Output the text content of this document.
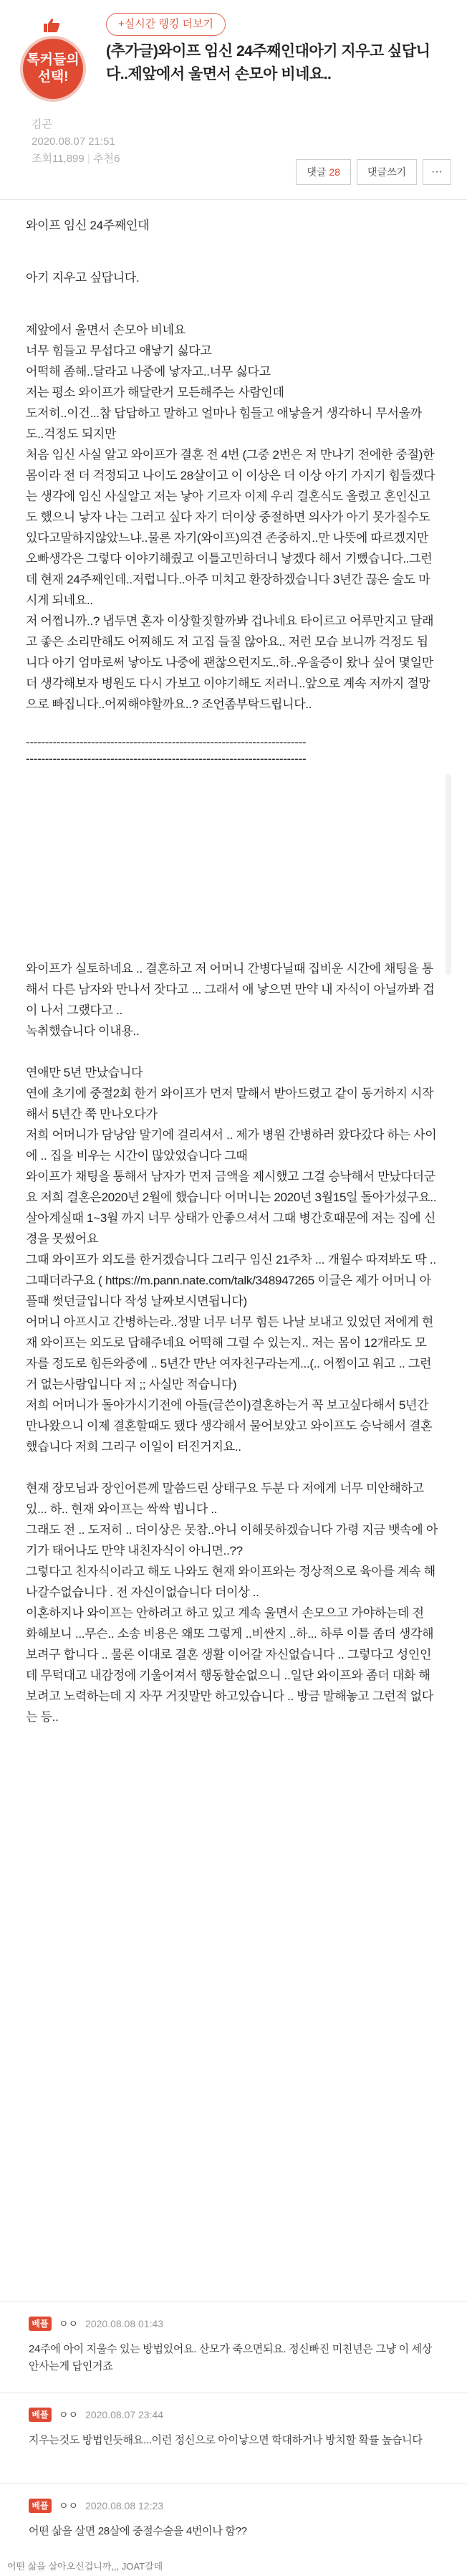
톡커들의 선택!
+실시간 랭킹 더보기
(추가글)와이프 임신 24주째인대아기 지우고 싶답니다..제앞에서 울면서 손모아 비네요..
김곤
2020.08.07 21:51
조회11,899 | 추천6
댓글 28	댓글쓰기	···

와이프 임신 24주째인대

아기 지우고 싶답니다.

제앞에서 울면서 손모아 비네요

너무 힘들고 무섭다고 애낳기 싫다고

어떡해 좀해..달라고 나중에 낳자고..너무 싫다고

저는 평소 와이프가 해달란거 모든해주는 사람인데

도저히..이건...참 답답하고 말하고 얼마나 힘들고 애낳을거 생각하니 무서울까도..걱정도 되지만

처음 임신 사실 알고 와이프가 결혼 전 4번 (그중 2번은 저 만나기 전에한 중절)한 몸이라 전 더 걱정되고 나이도 28살이고 이 이상은 더 이상 아기 가지기 힘들겠다는 생각에 임신 사실알고 저는 낳아 기르자 이제 우리 결혼식도 올렸고 혼인신고도 했으니 낳자 나는 그러고 싶다 자기 더이상 중절하면 의사가 아기 못가질수도있다고말하지않았느냐..물론 자기(와이프)의견 존중하지..만 나뜻에 따르겠지만 오빠생각은 그렇다 이야기해줬고 이틀고민하더니 낳겠다 해서 기뻤습니다..그런데 현재 24주째인데..저럽니다..아주 미치고 환장하겠습니다 3년간 끊은 술도 마시게 되네요..

저 어쩝니까..? 냅두면 혼자 이상할짓할까봐 겁나네요 타이르고 어루만지고 달래고 좋은 소리만해도 어찌해도 저 고집 들질 않아요.. 저런 모습 보니까 걱정도 됩니다 아기 엄마로써 낳아도 나중에 괜찮으런지도..하..우울증이 왔나 싶어 몇일만 더 생각해보자 병원도 다시 가보고 이야기해도 저러니..앞으로 계속 저까지 절망으로 빠집니다..어찌해야할까요..? 조언좀부탁드립니다..

-------------------------------------------------------------------------
-------------------------------------------------------------------------

와이프가 실토하네요 .. 결혼하고 저 어머니 간병다닐때 집비운 시간에 채팅을 통해서 다른 남자와 만나서 잣다고 ... 그래서 애 낳으면 만약 내 자식이 아닐까봐 겁이 나서 그랬다고 ..

녹취했습니다 이내용..

연애만 5년 만났습니다

연애 초기에 중절2회 한거 와이프가 먼저 말해서 받아드렸고 같이 동거하지 시작해서 5년간 쭉 만나오다가

저희 어머니가 담낭암 말기에 걸리셔서 .. 제가 병원 간병하러 왔다갔다 하는 사이에 .. 집을 비우는 시간이 많았었습니다 그때

와이프가 채팅을 통해서 남자가 먼저 금액을 제시했고 그걸 승낙해서 만났다더군요 저희 결혼은2020년 2월에 했습니다 어머니는 2020년 3월15일 돌아가셨구요.. 살아계실때 1~3월 까지 너무 상태가 안좋으셔서 그때 병간호때문에 저는 집에 신경을 못썼어요

그때 와이프가 외도를 한거겠습니다 그리구 임신 21주차 ... 개월수 따져봐도 딱 .. 그때더라구요 ( https://m.pann.nate.com/talk/348947265 이글은 제가 어머니 아플때 썻던글입니다 작성 날짜보시면됩니다)

어머니 아프시고 간병하는라..정말 너무 너무 힘든 나날 보내고 있었던 저에게 현재 와이프는 외도로 답해주네요 어떡해 그럴 수 있는지.. 저는 몸이 12개라도 모자를 정도로 힘든와중에 .. 5년간 만난 여자친구라는게...(.. 어쩜이고 워고 .. 그런거 없는사람입니다 저 ;; 사실만 적습니다)

저희 어머니가 돌아가시기전에 아들(글쓴이)결혼하는거 꼭 보고싶다해서 5년간 만나왔으니 이제 결혼할때도 됐다 생각해서 물어보았고 와이프도 승낙해서 결혼했습니다 저희 그리구 이일이 터진거지요..

현재 장모님과 장인어른께 말씀드린 상태구요 두분 다 저에게 너무 미안해하고 있... 하.. 현재 와이프는 싹싹 빕니다 ..

그래도 전 .. 도저히 .. 더이상은 못참..아니 이해못하겠습니다 가령 지금 뱃속에 아기가 태어나도 만약 내친자식이 아니면..??

그렇다고 친자식이라고 해도 나와도 현재 와이프와는 정상적으로 육아를 계속 해나갈수없습니다 . 전 자신이없습니다 더이상 ..

이혼하지나 와이프는 안하려고 하고 있고 계속 울면서 손모으고 가야하는데 전 화해보니 ...무슨.. 소송 비용은 왜또 그렇게 ..비싼지 ..하... 하루 이틀 좀더 생각해보려구 합니다 .. 물론 이대로 결혼 생활 이어갈 자신없습니다 .. 그렇다고 성인인데 무턱대고 내감정에 기울어져서 행동할순없으니 ..일단 와이프와 좀더 대화 해보려고 노력하는데 지 자꾸 거짓말만 하고있습니다 .. 방금 말해놓고 그런적 없다는 등..

베플	ㅇㅇ 2020.08.08 01:43
24주에 아이 지울수 있는 방법있어요. 산모가 죽으면되요. 정신빠진 미친년은 그냥 이 세상 안사는게 답인거죠
베플	ㅇㅇ 2020.08.07 23:44
지우는것도 방법인듯해요...이런 정신으로 아이낳으면 학대하거나 방치할 확률 높습니다
베플	ㅇㅇ 2020.08.08 12:23
어떤 삶을 살면 28살에 중절수술을 4번이나 함??
어떤 삶을 살아오신겁니까,,, JOAT갈데
